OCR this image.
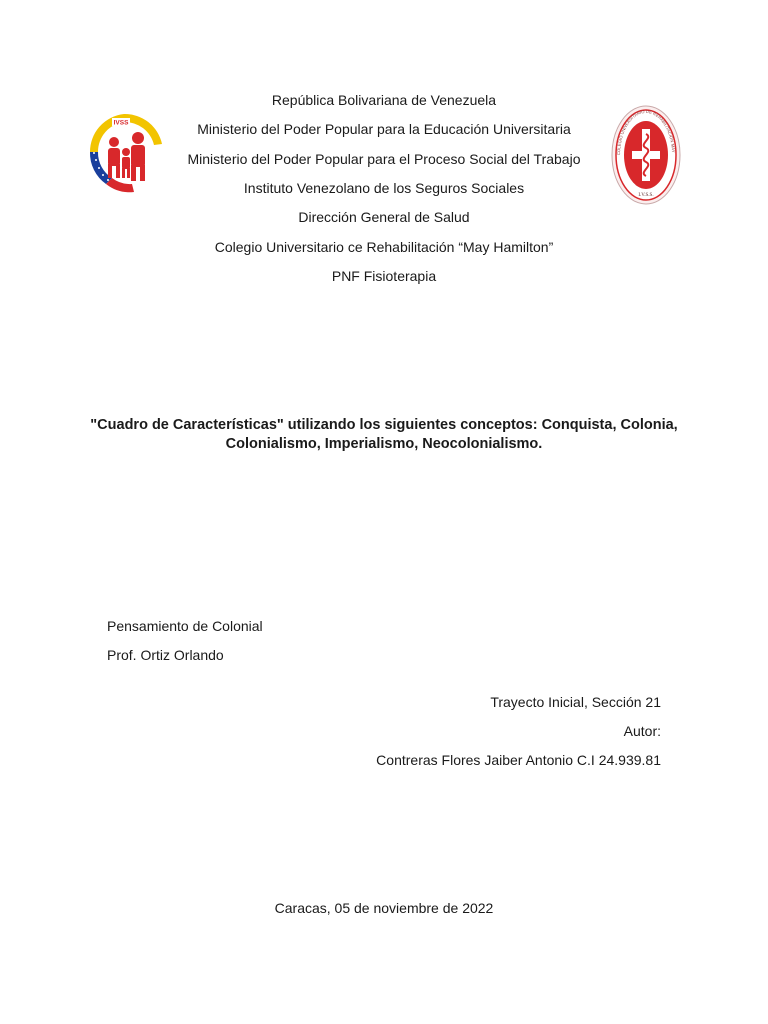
República Bolivariana de Venezuela
Ministerio del Poder Popular para la Educación Universitaria
Ministerio del Poder Popular para el Proceso Social del Trabajo
Instituto Venezolano de los Seguros Sociales
Dirección General de Salud
Colegio Universitario ce Rehabilitación “May Hamilton”
PNF Fisioterapia
IVSS
COLEGIO UNIVERSITARIO DE REHABILITACIÓN MAY
I.V.S.S.
"Cuadro de Características" utilizando los siguientes conceptos: Conquista, Colonia, Colonialismo, Imperialismo, Neocolonialismo.
Pensamiento de Colonial
Prof. Ortiz Orlando
Trayecto Inicial, Sección 21
Autor:
Contreras Flores Jaiber Antonio C.I 24.939.81
Caracas, 05 de noviembre de 2022
